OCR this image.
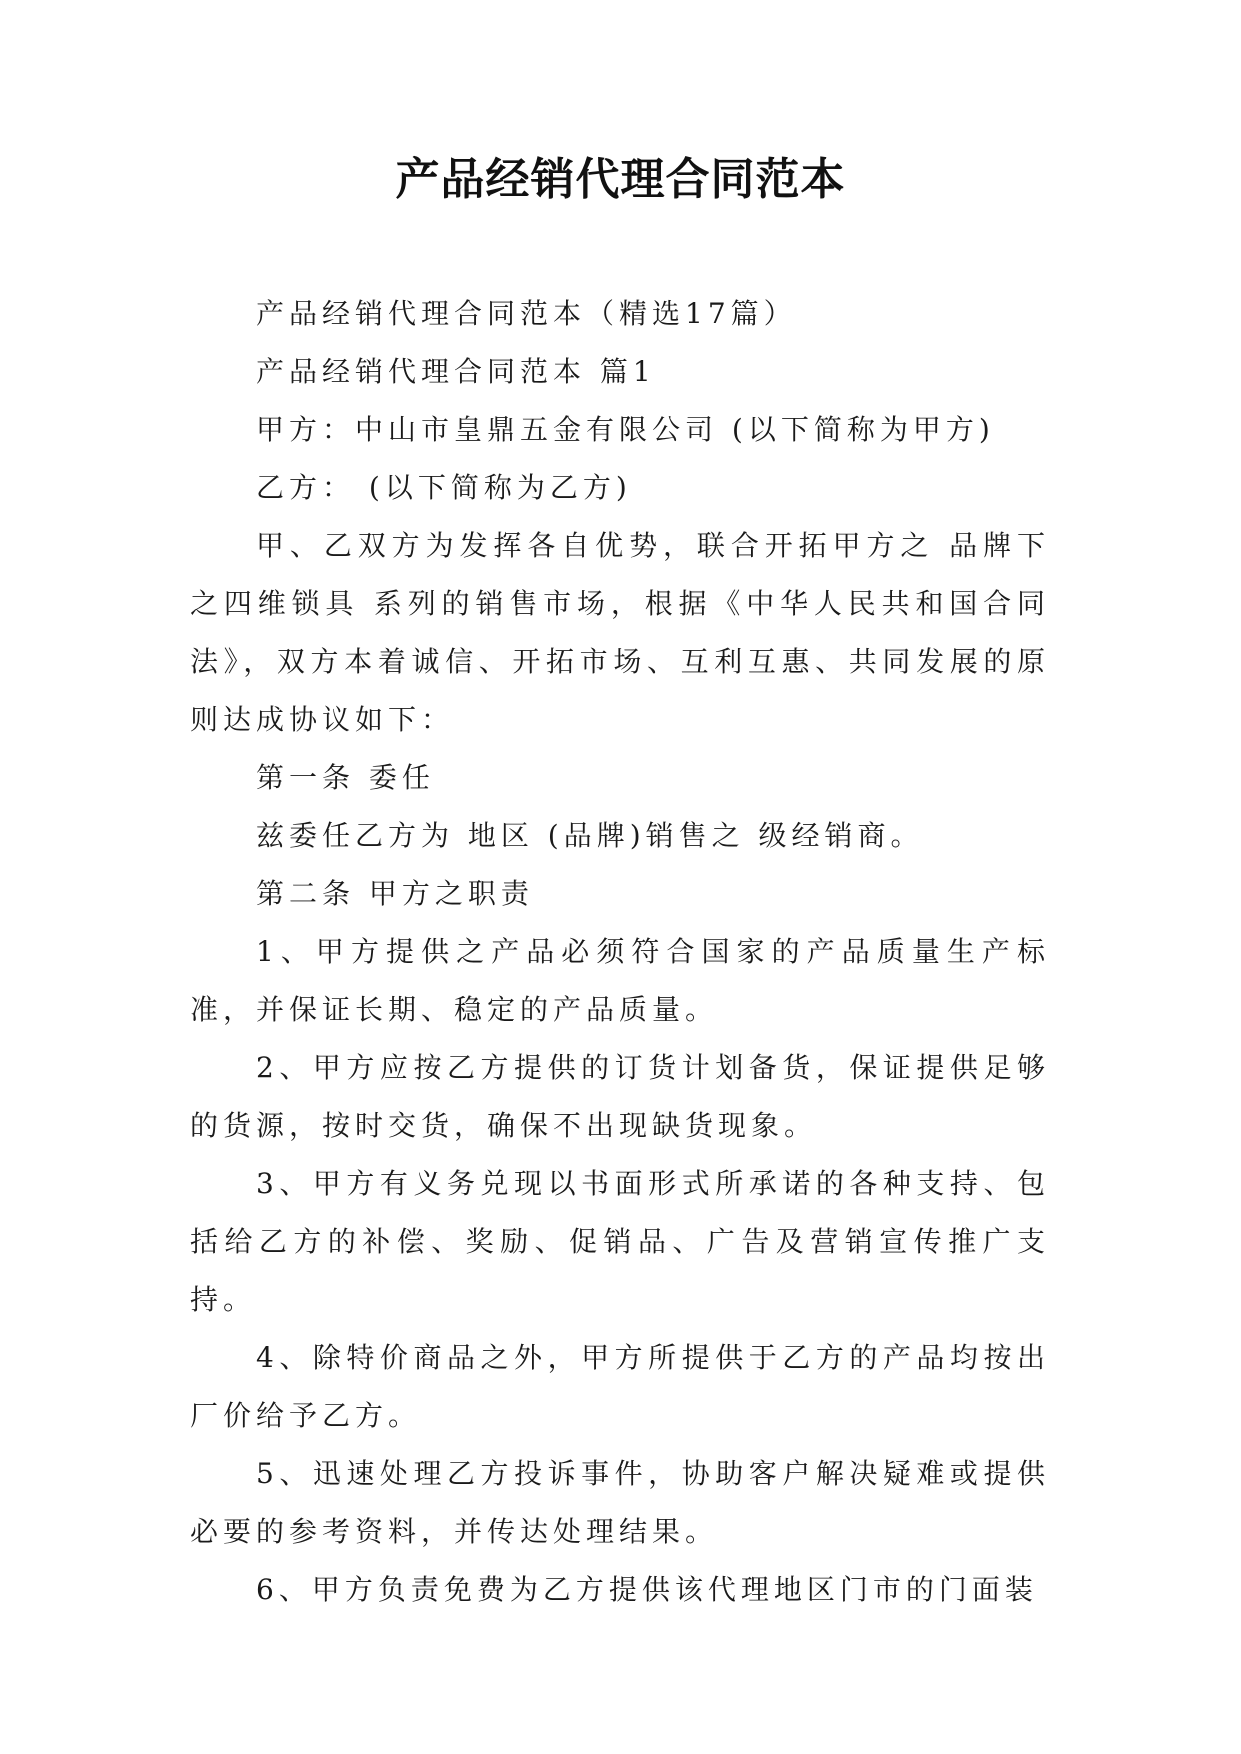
产品经销代理合同范本

产品经销代理合同范本（精选17篇）

产品经销代理合同范本 篇1

甲方：中山市皇鼎五金有限公司 (以下简称为甲方)

乙方： (以下简称为乙方)

甲、乙双方为发挥各自优势，联合开拓甲方之 品牌下之四维锁具 系列的销售市场，根据《中华人民共和国合同法》，双方本着诚信、开拓市场、互利互惠、共同发展的原则达成协议如下：

第一条 委任

兹委任乙方为 地区 (品牌)销售之 级经销商。

第二条 甲方之职责

1、甲方提供之产品必须符合国家的产品质量生产标准，并保证长期、稳定的产品质量。

2、甲方应按乙方提供的订货计划备货，保证提供足够的货源，按时交货，确保不出现缺货现象。

3、甲方有义务兑现以书面形式所承诺的各种支持、包括给乙方的补偿、奖励、促销品、广告及营销宣传推广支持。

4、除特价商品之外，甲方所提供于乙方的产品均按出厂价给予乙方。

5、迅速处理乙方投诉事件，协助客户解决疑难或提供必要的参考资料，并传达处理结果。

6、甲方负责免费为乙方提供该代理地区门市的门面装
